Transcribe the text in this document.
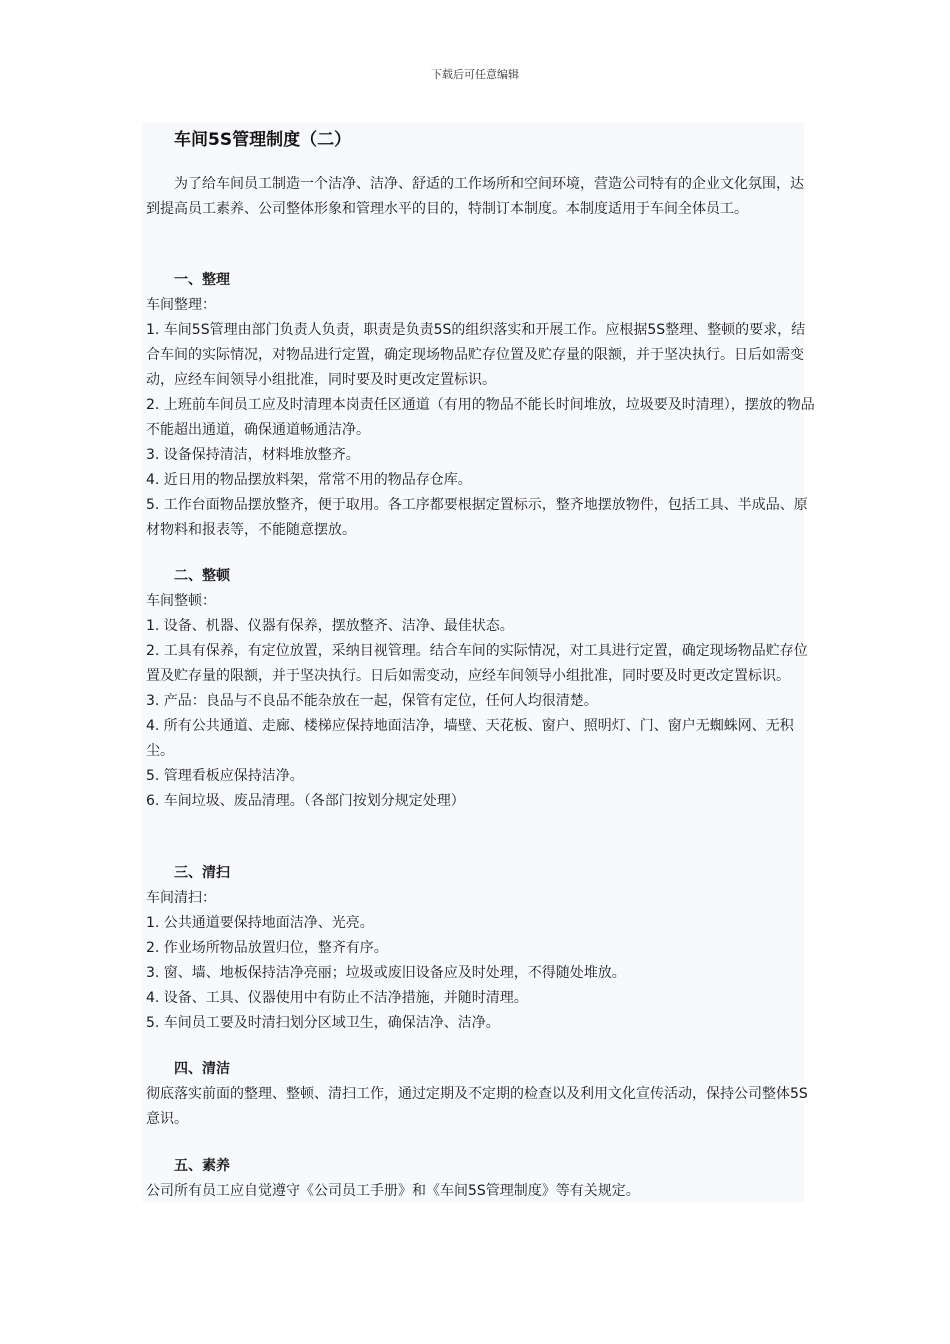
下载后可任意编辑
车间5S管理制度（二）

为了给车间员工制造一个洁净、洁净、舒适的工作场所和空间环境，营造公司特有的企业文化氛围，达到提高员工素养、公司整体形象和管理水平的目的，特制订本制度。本制度适用于车间全体员工。

一、整理

车间整理：

1. 车间5S管理由部门负责人负责，职责是负责5S的组织落实和开展工作。应根据5S整理、整顿的要求，结合车间的实际情况，对物品进行定置，确定现场物品贮存位置及贮存量的限额，并于坚决执行。日后如需变动，应经车间领导小组批准，同时要及时更改定置标识。

2. 上班前车间员工应及时清理本岗责任区通道（有用的物品不能长时间堆放，垃圾要及时清理），摆放的物品不能超出通道，确保通道畅通洁净。

3. 设备保持清洁，材料堆放整齐。

4. 近日用的物品摆放料架，常常不用的物品存仓库。

5. 工作台面物品摆放整齐，便于取用。各工序都要根据定置标示，整齐地摆放物件，包括工具、半成品、原材物料和报表等，不能随意摆放。

二、整顿

车间整顿：

1. 设备、机器、仪器有保养，摆放整齐、洁净、最佳状态。

2. 工具有保养，有定位放置，采纳目视管理。结合车间的实际情况，对工具进行定置，确定现场物品贮存位置及贮存量的限额，并于坚决执行。日后如需变动，应经车间领导小组批准，同时要及时更改定置标识。

3. 产品：良品与不良品不能杂放在一起，保管有定位，任何人均很清楚。

4. 所有公共通道、走廊、楼梯应保持地面洁净，墙壁、天花板、窗户、照明灯、门、窗户无蜘蛛网、无积尘。

5. 管理看板应保持洁净。

6. 车间垃圾、废品清理。（各部门按划分规定处理）

三、清扫

车间清扫：

1. 公共通道要保持地面洁净、光亮。

2. 作业场所物品放置归位，整齐有序。

3. 窗、墙、地板保持洁净亮丽；垃圾或废旧设备应及时处理，不得随处堆放。

4. 设备、工具、仪器使用中有防止不洁净措施，并随时清理。

5. 车间员工要及时清扫划分区域卫生，确保洁净、洁净。

四、清洁

彻底落实前面的整理、整顿、清扫工作，通过定期及不定期的检查以及利用文化宣传活动，保持公司整体5S意识。

五、素养

公司所有员工应自觉遵守《公司员工手册》和《车间5S管理制度》等有关规定。
